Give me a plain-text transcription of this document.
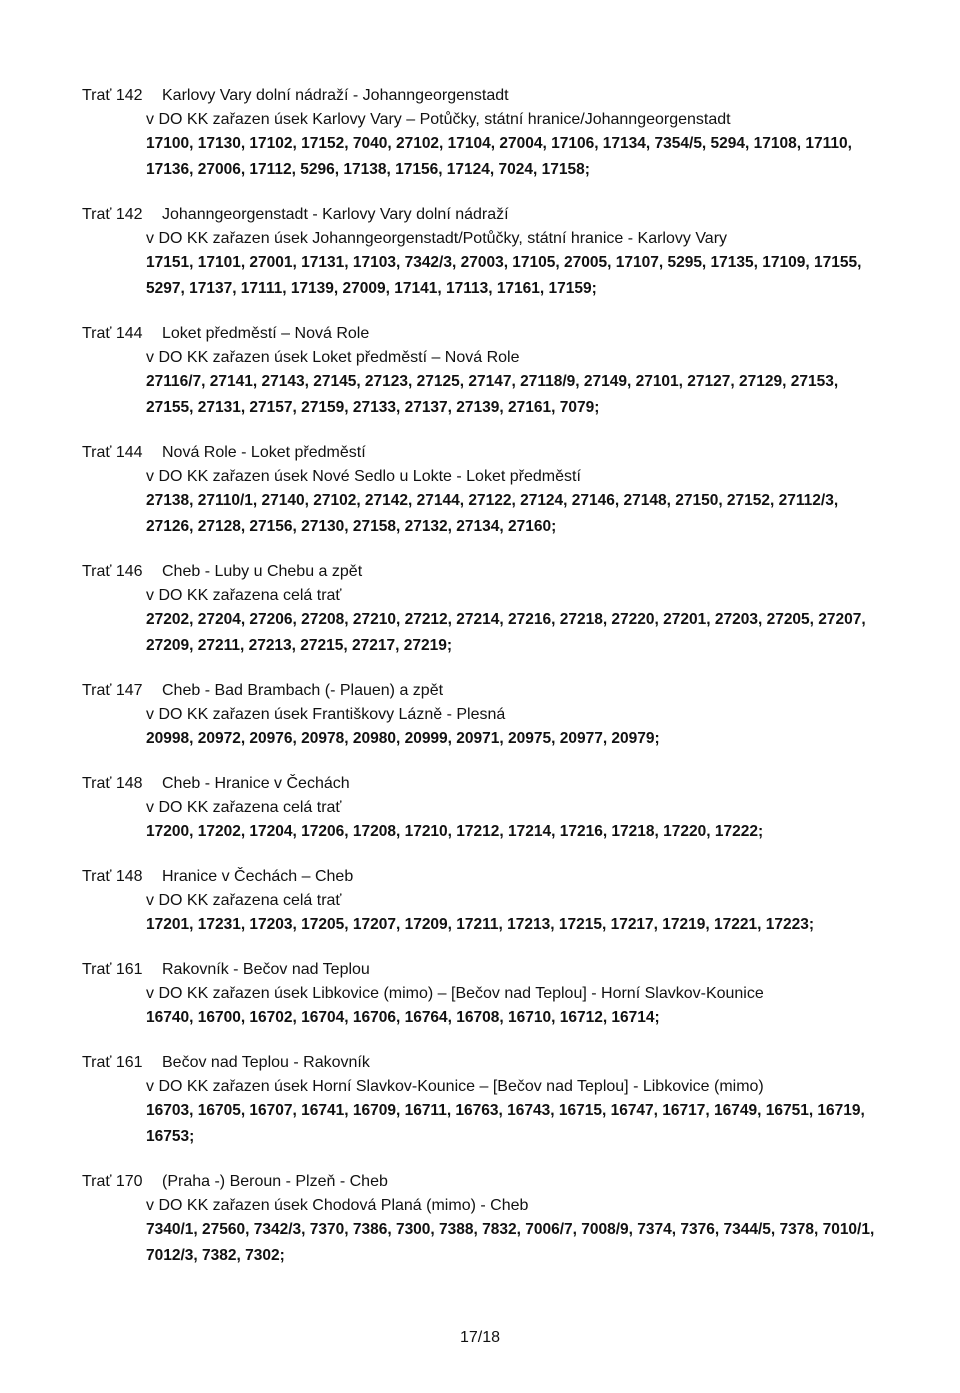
Trať 142	Karlovy Vary dolní nádraží - Johanngeorgenstadt
v DO KK zařazen úsek Karlovy Vary – Potůčky, státní hranice/Johanngeorgenstadt
17100, 17130, 17102, 17152, 7040, 27102, 17104, 27004, 17106, 17134, 7354/5, 5294, 17108, 17110, 17136, 27006, 17112, 5296, 17138, 17156, 17124, 7024, 17158;
Trať 142	Johanngeorgenstadt - Karlovy Vary dolní nádraží
v DO KK zařazen úsek Johanngeorgenstadt/Potůčky, státní hranice - Karlovy Vary
17151, 17101, 27001, 17131, 17103, 7342/3, 27003, 17105, 27005, 17107, 5295, 17135, 17109, 17155, 5297, 17137, 17111, 17139, 27009, 17141, 17113, 17161, 17159;
Trať 144	Loket předměstí – Nová Role
v DO KK zařazen úsek Loket předměstí – Nová Role
27116/7, 27141, 27143, 27145, 27123, 27125, 27147, 27118/9, 27149, 27101, 27127, 27129, 27153, 27155, 27131, 27157, 27159, 27133, 27137, 27139, 27161, 7079;
Trať 144	Nová Role - Loket předměstí
v DO KK zařazen úsek Nové Sedlo u Lokte - Loket předměstí
27138, 27110/1, 27140, 27102, 27142, 27144, 27122, 27124, 27146, 27148, 27150, 27152, 27112/3, 27126, 27128, 27156, 27130, 27158, 27132, 27134, 27160;
Trať 146	Cheb - Luby u Chebu a zpět
v DO KK zařazena celá trať
27202, 27204, 27206, 27208, 27210, 27212, 27214, 27216, 27218, 27220, 27201, 27203, 27205, 27207, 27209, 27211, 27213, 27215, 27217, 27219;
Trať 147	Cheb - Bad Brambach (- Plauen) a zpět
v DO KK zařazen úsek Františkovy Lázně - Plesná
20998, 20972, 20976, 20978, 20980, 20999, 20971, 20975, 20977, 20979;
Trať 148	Cheb - Hranice v Čechách
v DO KK zařazena celá trať
17200, 17202, 17204, 17206, 17208, 17210, 17212, 17214, 17216, 17218, 17220, 17222;
Trať 148	Hranice v Čechách – Cheb
v DO KK zařazena celá trať
17201, 17231, 17203, 17205, 17207, 17209, 17211, 17213, 17215, 17217, 17219, 17221, 17223;
Trať 161	Rakovník - Bečov nad Teplou
v DO KK zařazen úsek Libkovice (mimo) – [Bečov nad Teplou] - Horní Slavkov-Kounice
16740, 16700, 16702, 16704, 16706, 16764, 16708, 16710, 16712, 16714;
Trať 161	Bečov nad Teplou - Rakovník
v DO KK zařazen úsek Horní Slavkov-Kounice – [Bečov nad Teplou] - Libkovice (mimo)
16703, 16705, 16707, 16741, 16709, 16711, 16763, 16743, 16715, 16747, 16717, 16749, 16751, 16719, 16753;
Trať 170	(Praha -) Beroun - Plzeň - Cheb
v DO KK zařazen úsek Chodová Planá (mimo) - Cheb
7340/1, 27560, 7342/3, 7370, 7386, 7300, 7388, 7832, 7006/7, 7008/9, 7374, 7376, 7344/5, 7378, 7010/1, 7012/3, 7382, 7302;
17/18
